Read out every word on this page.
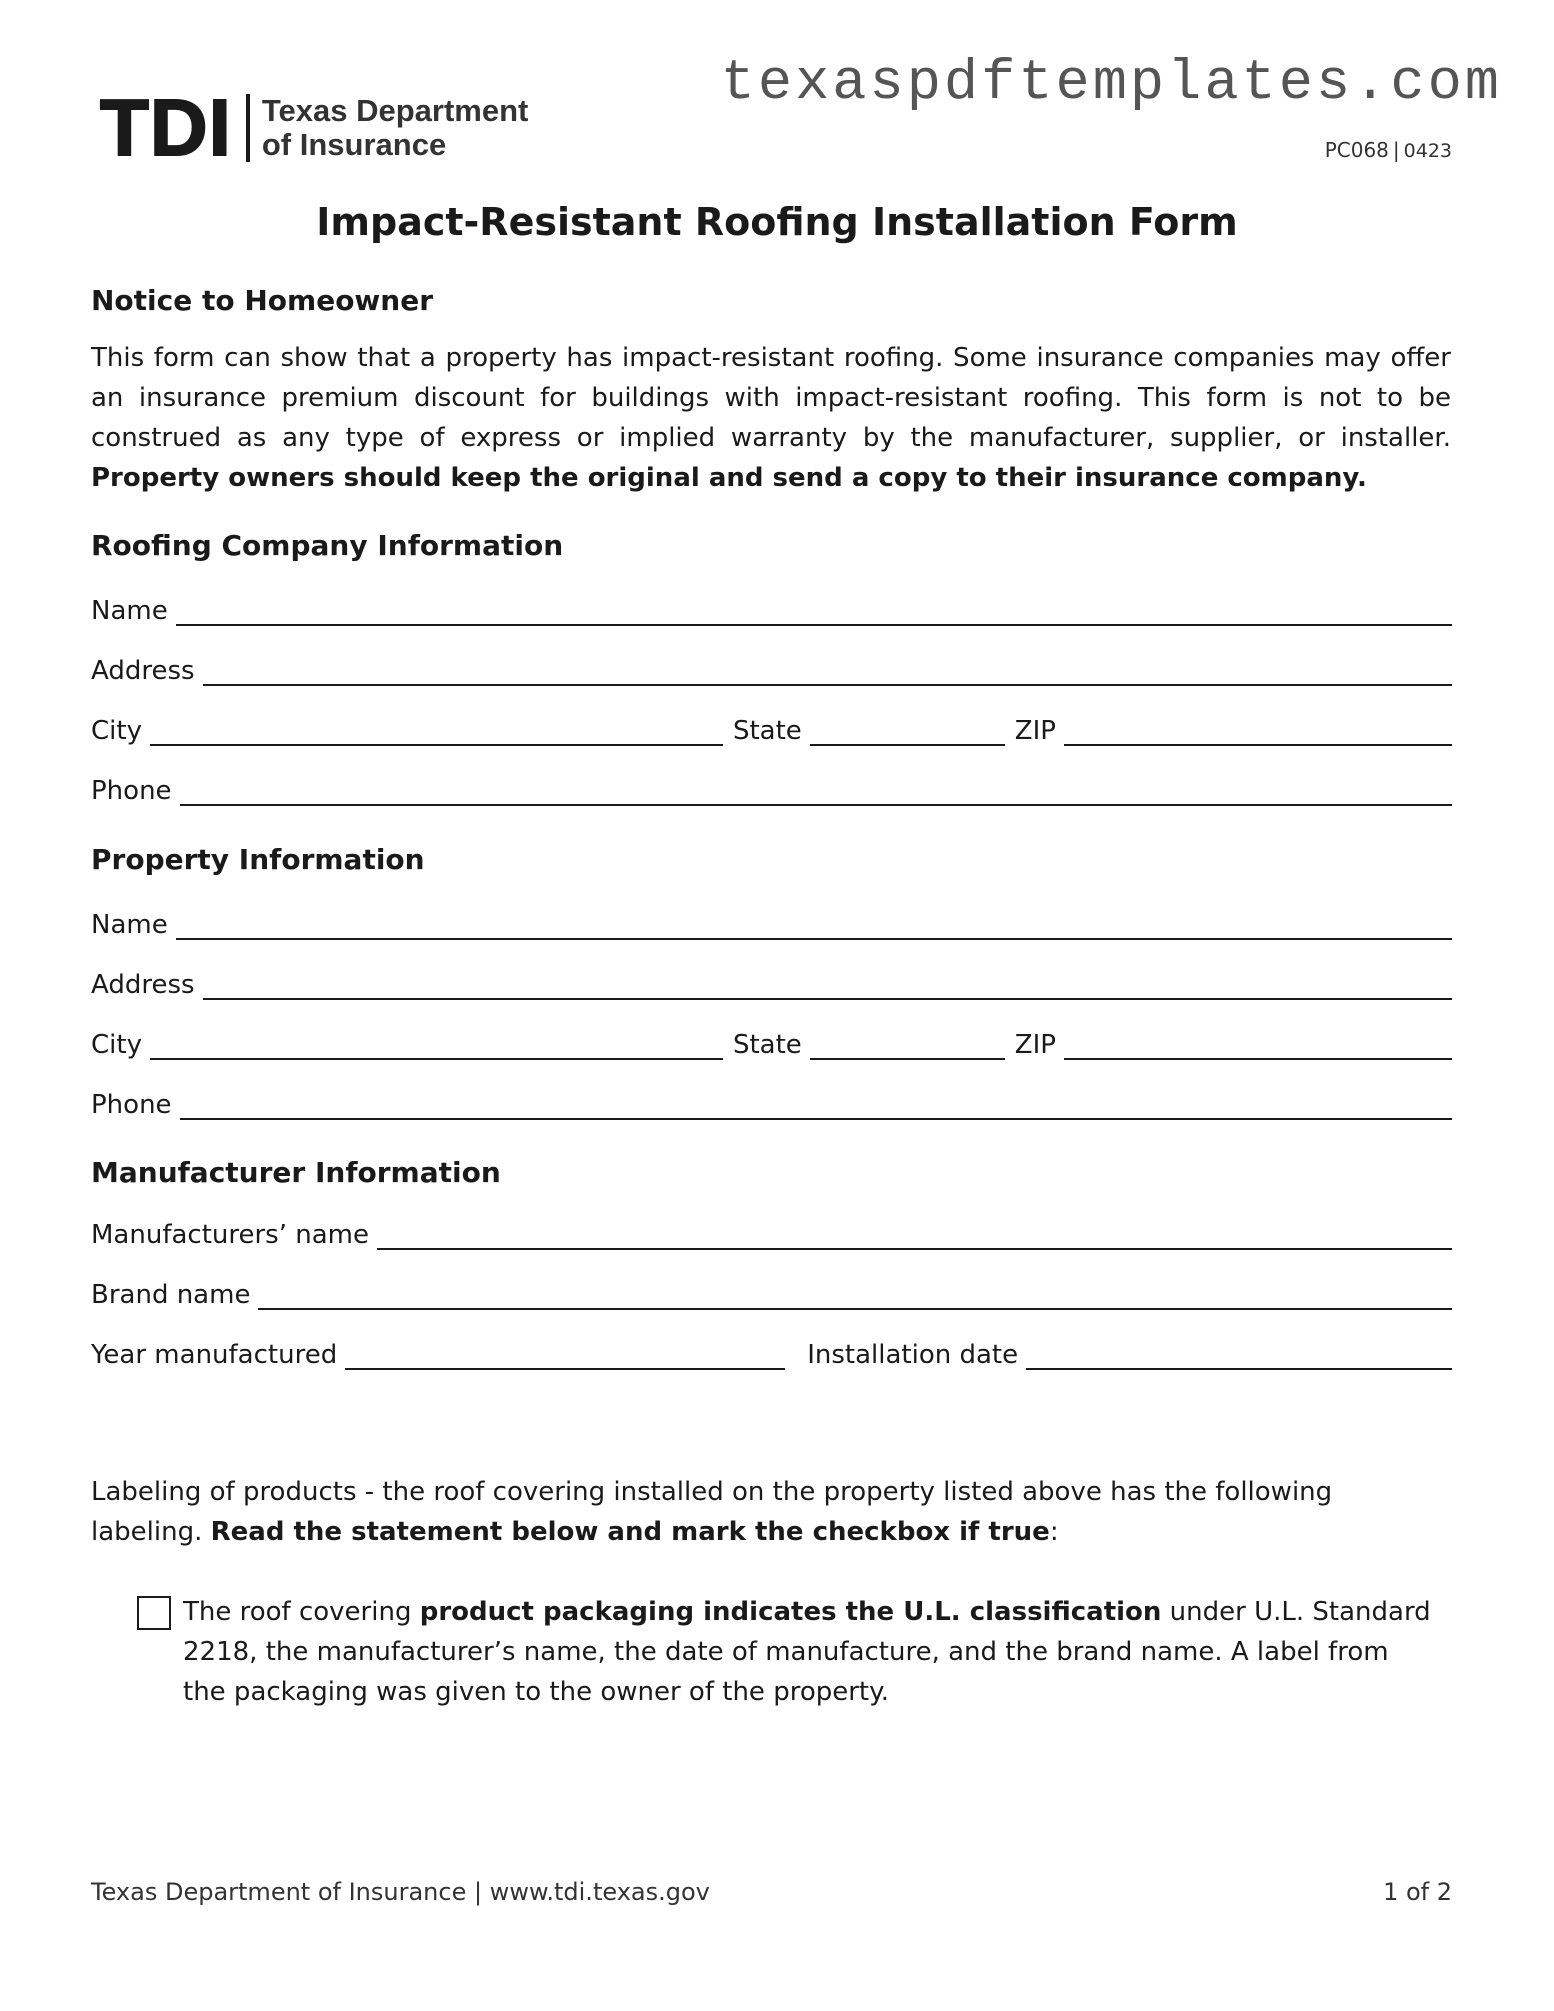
TDI Texas Department
of Insurance
texaspdftemplates.com
PC068 | 0423
Impact-Resistant Roofing Installation Form
Notice to Homeowner
This form can show that a property has impact-resistant roofing. Some insurance companies may offer an insurance premium discount for buildings with impact-resistant roofing. This form is not to be construed as any type of express or implied warranty by the manufacturer, supplier, or installer. Property owners should keep the original and send a copy to their insurance company.
Roofing Company Information
Name
Address
City	State	ZIP
Phone
Property Information
Name
Address
City	State	ZIP
Phone
Manufacturer Information
Manufacturers’ name
Brand name
Year manufactured	Installation date
Labeling of products - the roof covering installed on the property listed above has the following labeling. Read the statement below and mark the checkbox if true:
The roof covering product packaging indicates the U.L. classification under U.L. Standard 2218, the manufacturer’s name, the date of manufacture, and the brand name. A label from the packaging was given to the owner of the property.
Texas Department of Insurance | www.tdi.texas.gov	1 of 2
